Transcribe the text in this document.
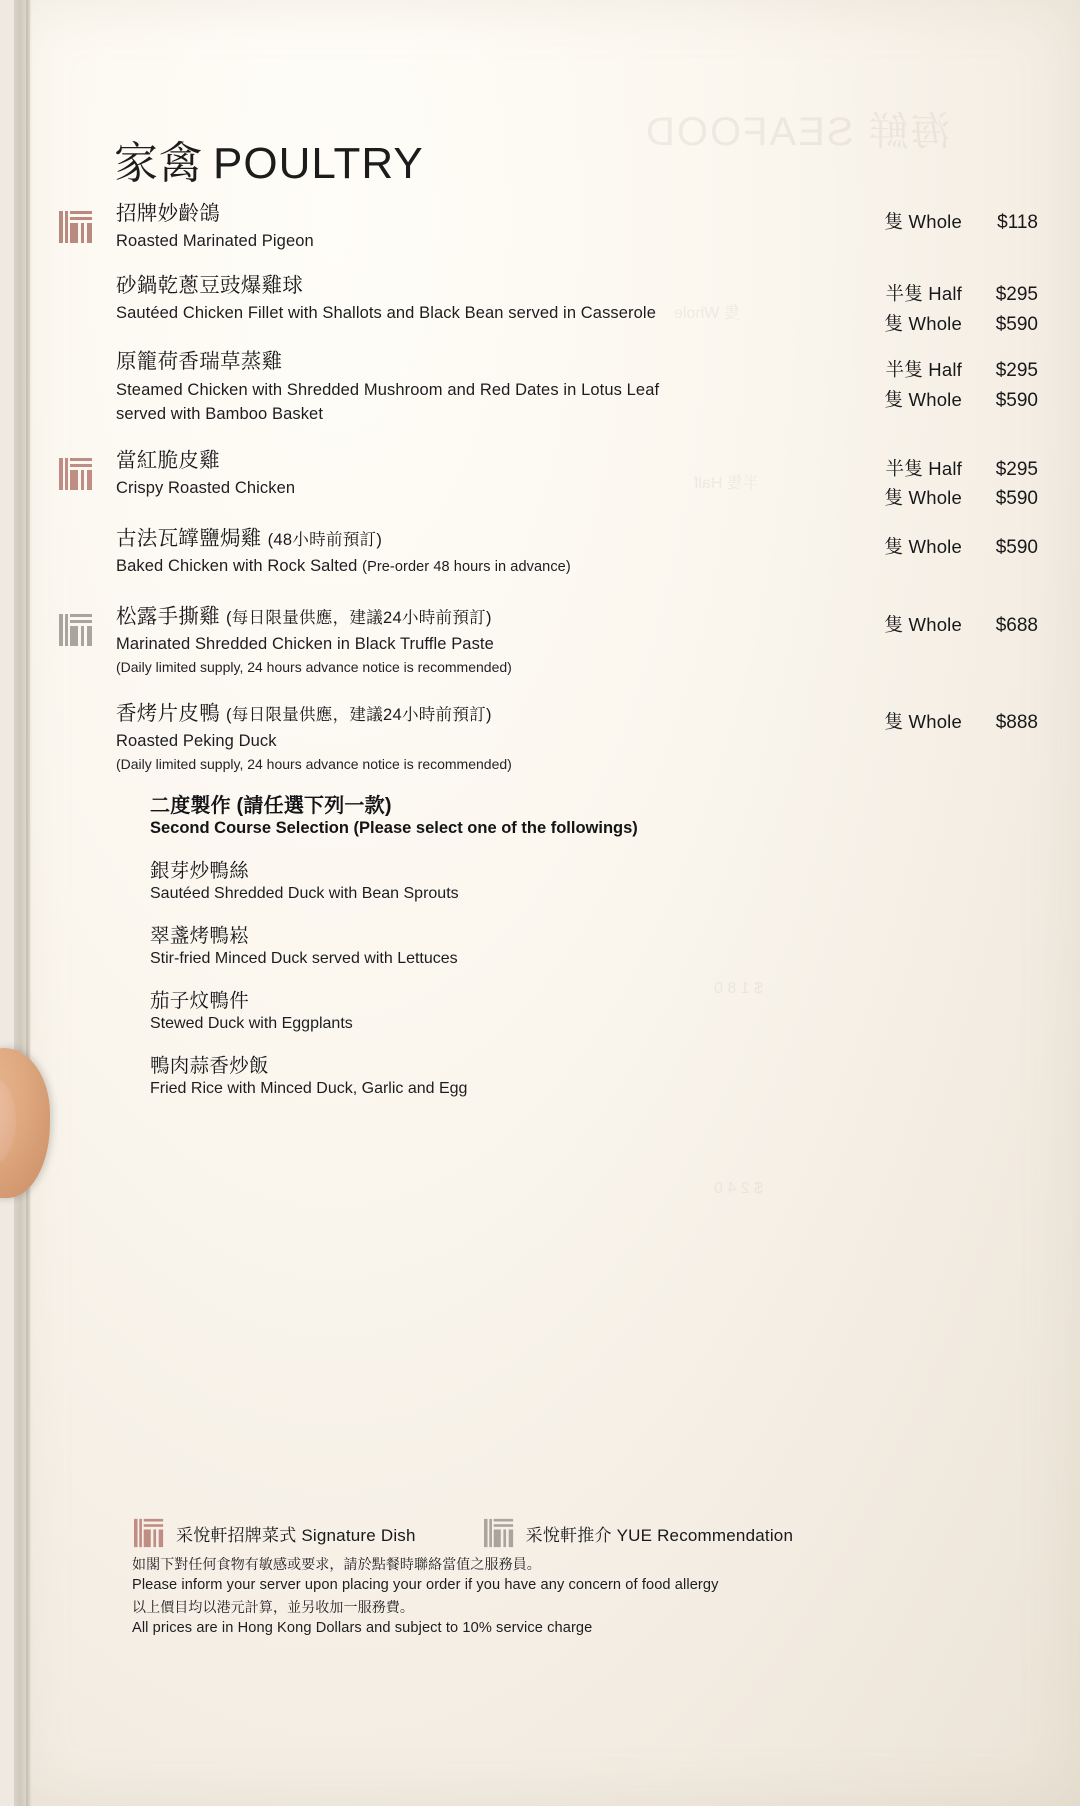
海鮮 SEAFOOD
隻 Whole
半隻 Half
$ 1 8 0
$ 2 4 0
家禽 POULTRY
招牌妙齡鴿
Roasted Marinated Pigeon
隻 Whole	$118
砂鍋乾蔥豆豉爆雞球
Sautéed Chicken Fillet with Shallots and Black Bean served in Casserole
半隻 Half	$295
隻 Whole	$590
原籠荷香瑞草蒸雞
Steamed Chicken with Shredded Mushroom and Red Dates in Lotus Leaf served with Bamboo Basket
半隻 Half	$295
隻 Whole	$590
當紅脆皮雞
Crispy Roasted Chicken
半隻 Half	$295
隻 Whole	$590
古法瓦罉鹽焗雞 (48小時前預訂)
Baked Chicken with Rock Salted (Pre-order 48 hours in advance)
隻 Whole	$590
松露手撕雞 (每日限量供應，建議24小時前預訂)
Marinated Shredded Chicken in Black Truffle Paste
(Daily limited supply, 24 hours advance notice is recommended)
隻 Whole	$688
香烤片皮鴨 (每日限量供應，建議24小時前預訂)
Roasted Peking Duck
(Daily limited supply, 24 hours advance notice is recommended)
隻 Whole	$888
二度製作 (請任選下列一款)
Second Course Selection (Please select one of the followings)
銀芽炒鴨絲
Sautéed Shredded Duck with Bean Sprouts
翠盞烤鴨崧
Stir-fried Minced Duck served with Lettuces
茄子炆鴨件
Stewed Duck with Eggplants
鴨肉蒜香炒飯
Fried Rice with Minced Duck, Garlic and Egg
采悅軒招牌菜式 Signature Dish	采悅軒推介 YUE Recommendation
如閣下對任何食物有敏感或要求，請於點餐時聯絡當值之服務員。
Please inform your server upon placing your order if you have any concern of food allergy
以上價目均以港元計算，並另收加一服務費。
All prices are in Hong Kong Dollars and subject to 10% service charge
